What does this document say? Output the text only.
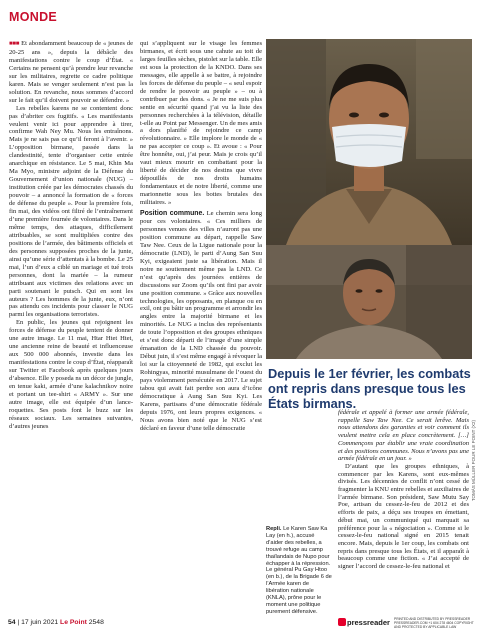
MONDE

■■■ Et abondamment beaucoup de « jeunes de 20-25 ans », depuis la débâcle des manifestations contre le coup d’État. « Certains ne pensent qu’à prendre leur revanche sur les militaires, regrette ce cadre politique karen. Mais se venger seulement n’est pas la solution. En revanche, nous sommes d’accord sur le fait qu’il doivent pouvoir se défendre. »

Les rebelles karens ne se contentent donc pas d’abriter ces fugitifs. « Les manifestants veulent venir ici pour apprendre à tirer, confirme Wah Ney Mu. Nous les entraînons. Mais je ne sais pas ce qu’il feront à l’avenir. » L’opposition birmane, passée dans la clandestinité, tente d’organiser cette entrée anarchique en résistance. Le 5 mai, Khin Ma Ma Myo, ministre adjoint de la Défense du Gouvernement d’union nationale (NUG) – institution créée par les démocrates chassés du pouvoir – a annoncé la formation de « forces de défense du peuple ». Pour la première fois, fin mai, des vidéos ont filtré de l’entraînement d’une première fournée de volontaires. Dans le même temps, des attaques, difficilement attribuables, se sont multipliées contre des positions de l’armée, des bâtiments officiels et des personnes supposées proches de la junte, ainsi qu’une série d’attentats à la bombe. Le 25 mai, l’un d’eux a ciblé un mariage et tué trois personnes, dont la mariée – la rumeur attribuant aux victimes des relations avec un parti soutenant le putsch. Qui en sont les auteurs ? Les hommes de la junte, eux, n’ont pas attendu ces incidents pour classer le NUG parmi les organisations terroristes.

En public, les jeunes qui rejoignent les forces de défense du peuple tentent de donner une autre image. Le 11 mai, Htar Htet Htet, une ancienne reine de beauté et influenceuse aux 500 000 abonnés, investie dans les manifestations contre le coup d’État, réapparaît sur Twitter et Facebook après quelques jours d’absence. Elle y poseda ns un décor de jungle, en tenue kaki, armée d’une kalachnikov noire et portant un tee-shirt « ARMY ». Sur une autre image, elle est équipée d’un lance-roquettes. Ses posts font le buzz sur les réseaux sociaux. Les semaines suivantes, d’autres jeunes

qui s’appliquent sur le visage les femmes birmanes, et écrit sous une cahute au toit de larges feuilles sèches, pistolet sur la table. Elle est sous la protection de la KNDO. Dans ses messages, elle appelle à se battre, à rejoindre les forces de défense du peuple – « seul espoir de rendre le pouvoir au peuple » – ou à contribuer par des dons. « Je ne me suis plus sentie en sécurité quand j’ai vu la liste des personnes recherchées à la télévision, détaille t-elle au Point par Messenger. Un de mes amis a dors planifié de rejoindre ce camp révolutionnaire. » Elle implore le monde de « ne pas accepter ce coup ». Et avoue : « Pour être honnête, oui, j’ai peur. Mais je crois qu’il vaut mieux mourir en combattant pour la liberté de décider de nos destins que vivre dépouillés de nos droits humains fondamentaux et de notre liberté, comme une marionnette sous les bottes brutales des militaires. »

Position commune. Le chemin sera long pour ces volontaires. « Ces milliers de personnes venues des villes n’auront pas une position commune au départ, rappelle Saw Taw Nee. Ceux de la Ligue nationale pour la démocratie (LND), le parti d’Aung San Suu Kyi, exigeaient juste sa libération. Mais il notre ne soutiennent même pas la LND. Ce n’est qu’après des journées entières de discussions sur Zoom qu’ils ont fini par avoir une position commune. » Grâce aux nouvelles technologies, les opposants, en planque ou en exil, ont pu bâtir un programme et arrondir les angles entre la majorité birmane et les minorités. Le NUG a inclus des représentants de toute l’opposition et des groupes ethniques et s’est donc départi de l’image d’une simple émanation de la LND chassée du pouvoir. Début juin, il s’est même engagé à révoquer la loi sur la citoyenneté de 1982, qui exclut les Rohingyas, minorité musulmane de l’ouest du pays violemment persécutée en 2017. Le sujet tabou qui avait fait perdre son aura d’icône démocratique à Aung San Suu Kyi. Les Karens, partisans d’une démocratie fédérale depuis 1976, ont leurs propres exigences. « Nous avons bien noté que le NUG s’est déclaré en faveur d’une telle démocratie

Depuis le 1er février, les combats ont repris dans presque tous les États birmans.

fédérale et appelé à former une armée fédérale, rappelle Saw Taw Nee. Ce serait lerêve. Mais nous attendons des garanties et voir comment ils veulent mettre cela en place concrètement. […] Commençons par établir une vraie coordination et des positions communes. Nous n’avons pas une armée fédérale en un jour. »

D’autant que les groupes ethniques, à commencer par les Karens, sont eux-mêmes divisés. Les décennies de conflit n’ont cessé de fragmenter la KNU entre rebelles et auxiliaires de l’armée birmane. Son président, Saw Mutu Say Poe, artisan du cessez-le-feu de 2012 et des efforts de paix, a déçu ses troupes en émettant, début mai, un communiqué qui marquait sa préférence pour la « négociation ». Comme si le cessez-le-feu national signé en 2015 tenait encore. Mais, depuis le 1er coup, les combats ont repris dans presque tous les États, et il apparaît à beaucoup comme une fiction. « J’ai accepté de signer l’accord de cessez-le-feu national et

Repli. Le Karen Saw Ka Lay (en h.), accusé d’aider des rebelles, a trouvé refuge au camp thaïlandais de Nupo pour échapper à la répression. Le général Pu Gay Htoo (en b.), de la Brigade 6 de l’Armée karen de libération nationale (KNLA), prône pour le moment une politique purement défensive.
TOMÁS MÜLLER POUR LE POINT (X2)
54 | 17 juin 2021 Le Point 2548	pressreader PRINTED AND DISTRIBUTED BY PRESSREADER PRESSREADER.COM +1 604 278 4604 COPYRIGHT AND PROTECTED BY APPLICABLE LAW
